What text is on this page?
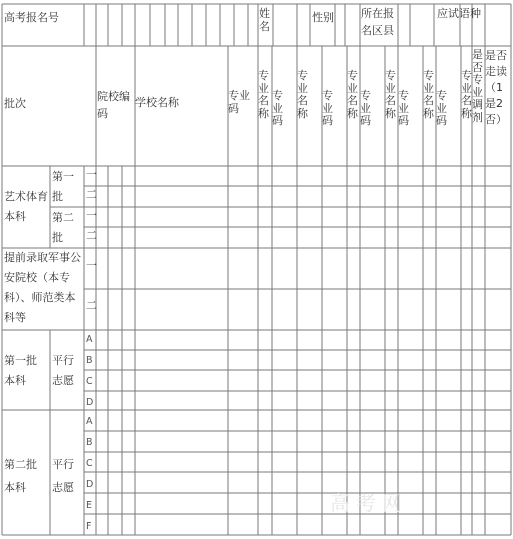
高考报名号	姓名
性别 所在报名区县
应试语种
批次
院校编码
学校名称
专业码
专业名称
专业码
专业名称
专业码
专业名称
专业码
专业名称
专业码
专业名称
专业码
专业名称
是否专业调剂
是否走读（1是2否）
艺术体育本科
第一批
第二批
提前录取军事公安院校（本专科）、师范类本科等
第一批本科
平行志愿
第二批本科
平行志愿
一
二
一
二
一
二
A
B
C
D
A
B
C
D
E
F
高考网
